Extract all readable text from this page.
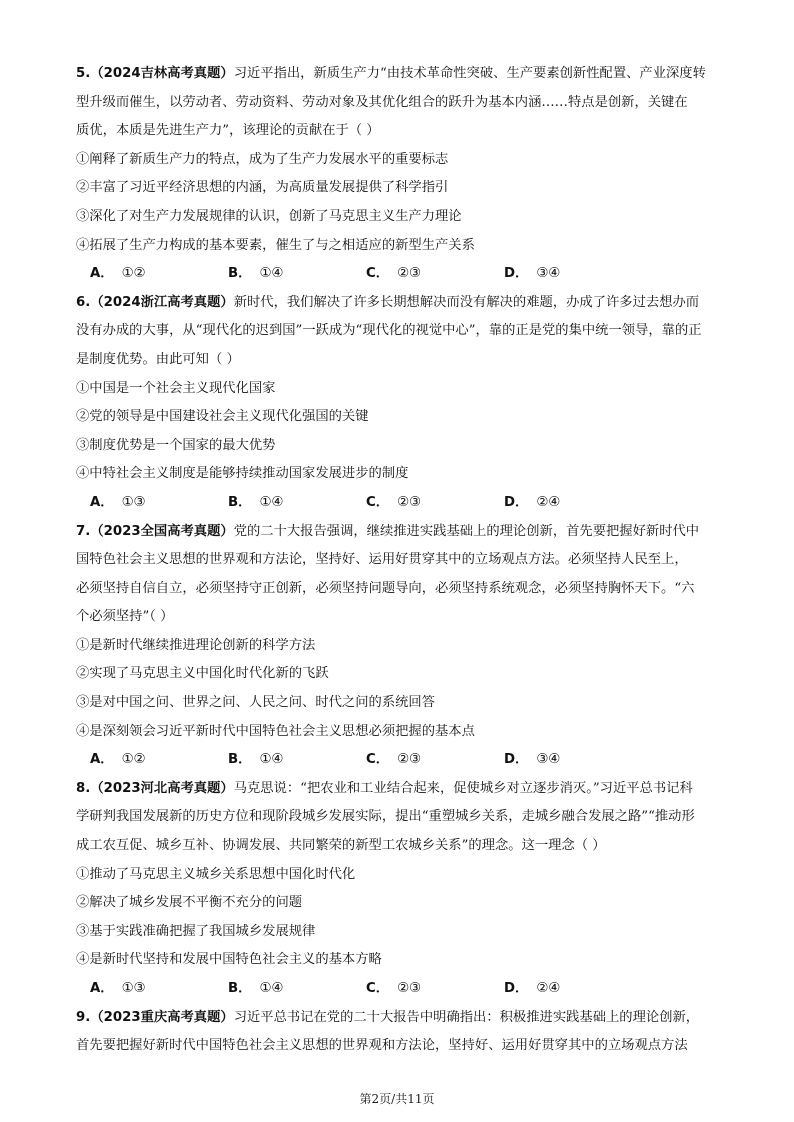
5.（2024吉林高考真题）习近平指出，新质生产力“由技术革命性突破、生产要素创新性配置、产业深度转
型升级而催生，以劳动者、劳动资料、劳动对象及其优化组合的跃升为基本内涵……特点是创新，关键在
质优，本质是先进生产力”，该理论的贡献在于（ ）
①阐释了新质生产力的特点，成为了生产力发展水平的重要标志
②丰富了习近平经济思想的内涵，为高质量发展提供了科学指引
③深化了对生产力发展规律的认识，创新了马克思主义生产力理论
④拓展了生产力构成的基本要素，催生了与之相适应的新型生产关系
A． ①②	B． ①④	C． ②③	D． ③④
6.（2024浙江高考真题）新时代，我们解决了许多长期想解决而没有解决的难题，办成了许多过去想办而
没有办成的大事，从“现代化的迟到国”一跃成为“现代化的视觉中心”，靠的正是党的集中统一领导，靠的正
是制度优势。由此可知（ ）
①中国是一个社会主义现代化国家
②党的领导是中国建设社会主义现代化强国的关键
③制度优势是一个国家的最大优势
④中特社会主义制度是能够持续推动国家发展进步的制度
A． ①③	B． ①④	C． ②③	D． ②④
7.（2023全国高考真题）党的二十大报告强调，继续推进实践基础上的理论创新，首先要把握好新时代中
国特色社会主义思想的世界观和方法论，坚持好、运用好贯穿其中的立场观点方法。必须坚持人民至上，
必须坚持自信自立，必须坚持守正创新，必须坚持问题导向，必须坚持系统观念，必须坚持胸怀天下。“六
个必须坚持”（ ）
①是新时代继续推进理论创新的科学方法
②实现了马克思主义中国化时代化新的飞跃
③是对中国之问、世界之问、人民之问、时代之问的系统回答
④是深刻领会习近平新时代中国特色社会主义思想必须把握的基本点
A． ①②	B． ①④	C． ②③	D． ③④
8.（2023河北高考真题）马克思说：“把农业和工业结合起来，促使城乡对立逐步消灭。”习近平总书记科
学研判我国发展新的历史方位和现阶段城乡发展实际，提出“重塑城乡关系，走城乡融合发展之路”“推动形
成工农互促、城乡互补、协调发展、共同繁荣的新型工农城乡关系”的理念。这一理念（ ）
①推动了马克思主义城乡关系思想中国化时代化
②解决了城乡发展不平衡不充分的问题
③基于实践准确把握了我国城乡发展规律
④是新时代坚持和发展中国特色社会主义的基本方略
A． ①③	B． ①④	C． ②③	D． ②④
9.（2023重庆高考真题）习近平总书记在党的二十大报告中明确指出：积极推进实践基础上的理论创新，
首先要把握好新时代中国特色社会主义思想的世界观和方法论，坚持好、运用好贯穿其中的立场观点方法
第2页/共11页
